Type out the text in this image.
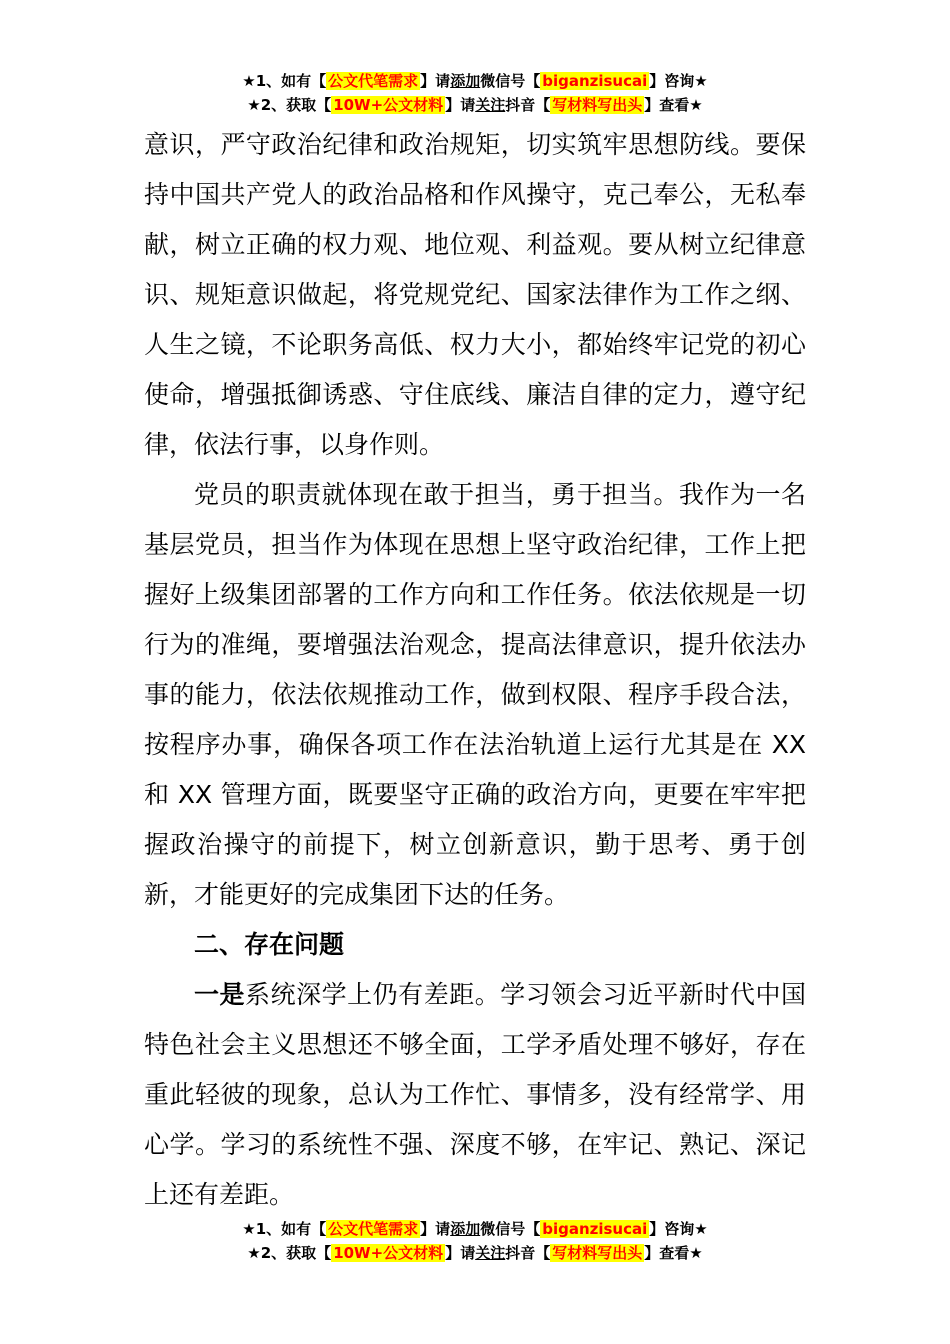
★1、如有【 公文代笔需求 】请添加微信号【 biganzisucai 】咨询★
★2、获取【 10W+公文材料 】请关注抖音【 写材料写出头 】查看★

意识，严守政治纪律和政治规矩，切实筑牢思想防线。要保持中国共产党人的政治品格和作风操守，克己奉公，无私奉献，树立正确的权力观、地位观、利益观。要从树立纪律意识、规矩意识做起，将党规党纪、国家法律作为工作之纲、人生之镜，不论职务高低、权力大小，都始终牢记党的初心使命，增强抵御诱惑、守住底线、廉洁自律的定力，遵守纪律，依法行事，以身作则。

党员的职责就体现在敢于担当，勇于担当。我作为一名基层党员，担当作为体现在思想上坚守政治纪律，工作上把握好上级集团部署的工作方向和工作任务。依法依规是一切行为的准绳，要增强法治观念，提高法律意识，提升依法办事的能力，依法依规推动工作，做到权限、程序手段合法，按程序办事，确保各项工作在法治轨道上运行尤其是在 XX 和 XX 管理方面，既要坚守正确的政治方向，更要在牢牢把握政治操守的前提下，树立创新意识，勤于思考、勇于创新，才能更好的完成集团下达的任务。

二、存在问题

一是系统深学上仍有差距。学习领会习近平新时代中国特色社会主义思想还不够全面，工学矛盾处理不够好，存在重此轻彼的现象，总认为工作忙、事情多，没有经常学、用心学。学习的系统性不强、深度不够，在牢记、熟记、深记上还有差距。

★1、如有【 公文代笔需求 】请添加微信号【 biganzisucai 】咨询★
★2、获取【 10W+公文材料 】请关注抖音【 写材料写出头 】查看★
